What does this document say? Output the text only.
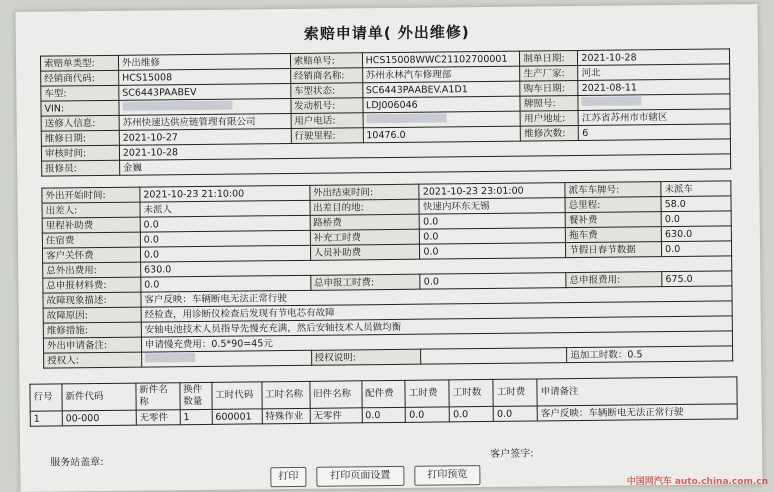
索赔申请单( 外出维修)
索赔单类型:	外出维修	索赔单号:	HCS15008WWC21102700001	制单日期:	2021-10-28
经销商代码:	HCS15008	经销商名称:	苏州永林汽车修理部	生产厂家:	河北
车型:	SC6443PAABEV	车型状态:	SC6443PAABEV.A1D1	购车日期:	2021-08-11
VIN:		发动机号:	LDJ006046	牌照号:	
送修人信息:	苏州快速达供应链管理有限公司	用户电话:		用户地址:	江苏省苏州市市辖区
维修日期:	2021-10-27	行驶里程:	10476.0	维修次数:	6
审核时间:	2021-10-28				
报修员:	金巍				
外出开始时间:	2021-10-23 21:10:00	外出结束时间:	2021-10-23 23:01:00	派车车牌号:	未派车
出差人:	未派人	出差目的地:	快速内环东无锡	总里程:	58.0
里程补助费	0.0	路桥费	0.0	餐补费	0.0
住宿费	0.0	补充工时费	0.0	拖车费	630.0
客户关怀费	0.0	人员补助费	0.0	节假日春节数据	0.0
总外出费用:	630.0				
总申报材料费:	0.0	总申报工时费:	0.0	总申报费用:	675.0
故障现象描述:	客户反映：车辆断电无法正常行驶				
故障原因:	经检查，用诊断仪检查后发现有节电芯有故障				
维修措施:	安轴电池技术人员指导先慢充充满，然后安轴技术人员做均衡				
外出申请备注:	申请慢充费用：0.5*90=45元				
授权人:		授权说明:		追加工时数：0.5	
行号	新件代码	新件名称	换件数量	工时代码	工时名称	旧件名称	配件费	工时费	工时数	工时费	申请备注
1	00-000	无零件	1	600001	特殊作业	无零件	0.0	0.0	0.0	0.0	客户反映：车辆断电无法正常行驶
服务站盖章:
客户签字:
打印	打印页面设置	打印预览
中国网汽车 auto.china.com.cn
